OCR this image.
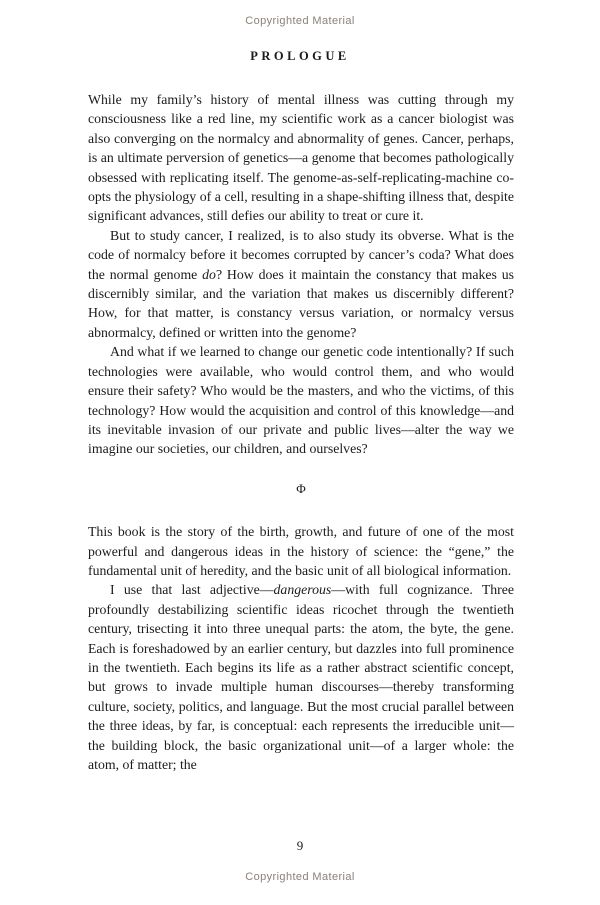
Copyrighted Material
PROLOGUE

While my family’s history of mental illness was cutting through my consciousness like a red line, my scientific work as a cancer biologist was also converging on the normalcy and abnormality of genes. Cancer, perhaps, is an ultimate perversion of genetics—a genome that becomes pathologically obsessed with replicating itself. The genome-as-self-replicating-machine co-opts the physiology of a cell, resulting in a shape-shifting illness that, despite significant advances, still defies our ability to treat or cure it.

But to study cancer, I realized, is to also study its obverse. What is the code of normalcy before it becomes corrupted by cancer’s coda? What does the normal genome do? How does it maintain the constancy that makes us discernibly similar, and the variation that makes us discernibly different? How, for that matter, is constancy versus variation, or normalcy versus abnormalcy, defined or written into the genome?

And what if we learned to change our genetic code intentionally? If such technologies were available, who would control them, and who would ensure their safety? Who would be the masters, and who the victims, of this technology? How would the acquisition and control of this knowledge—and its inevitable invasion of our private and public lives—alter the way we imagine our societies, our children, and ourselves?

Φ

This book is the story of the birth, growth, and future of one of the most powerful and dangerous ideas in the history of science: the “gene,” the fundamental unit of heredity, and the basic unit of all biological information.

I use that last adjective—dangerous—with full cognizance. Three profoundly destabilizing scientific ideas ricochet through the twentieth century, trisecting it into three unequal parts: the atom, the byte, the gene. Each is foreshadowed by an earlier century, but dazzles into full prominence in the twentieth. Each begins its life as a rather abstract scientific concept, but grows to invade multiple human discourses—thereby transforming culture, society, politics, and language. But the most crucial parallel between the three ideas, by far, is conceptual: each represents the irreducible unit—the building block, the basic organizational unit—of a larger whole: the atom, of matter; the

9
Copyrighted Material
